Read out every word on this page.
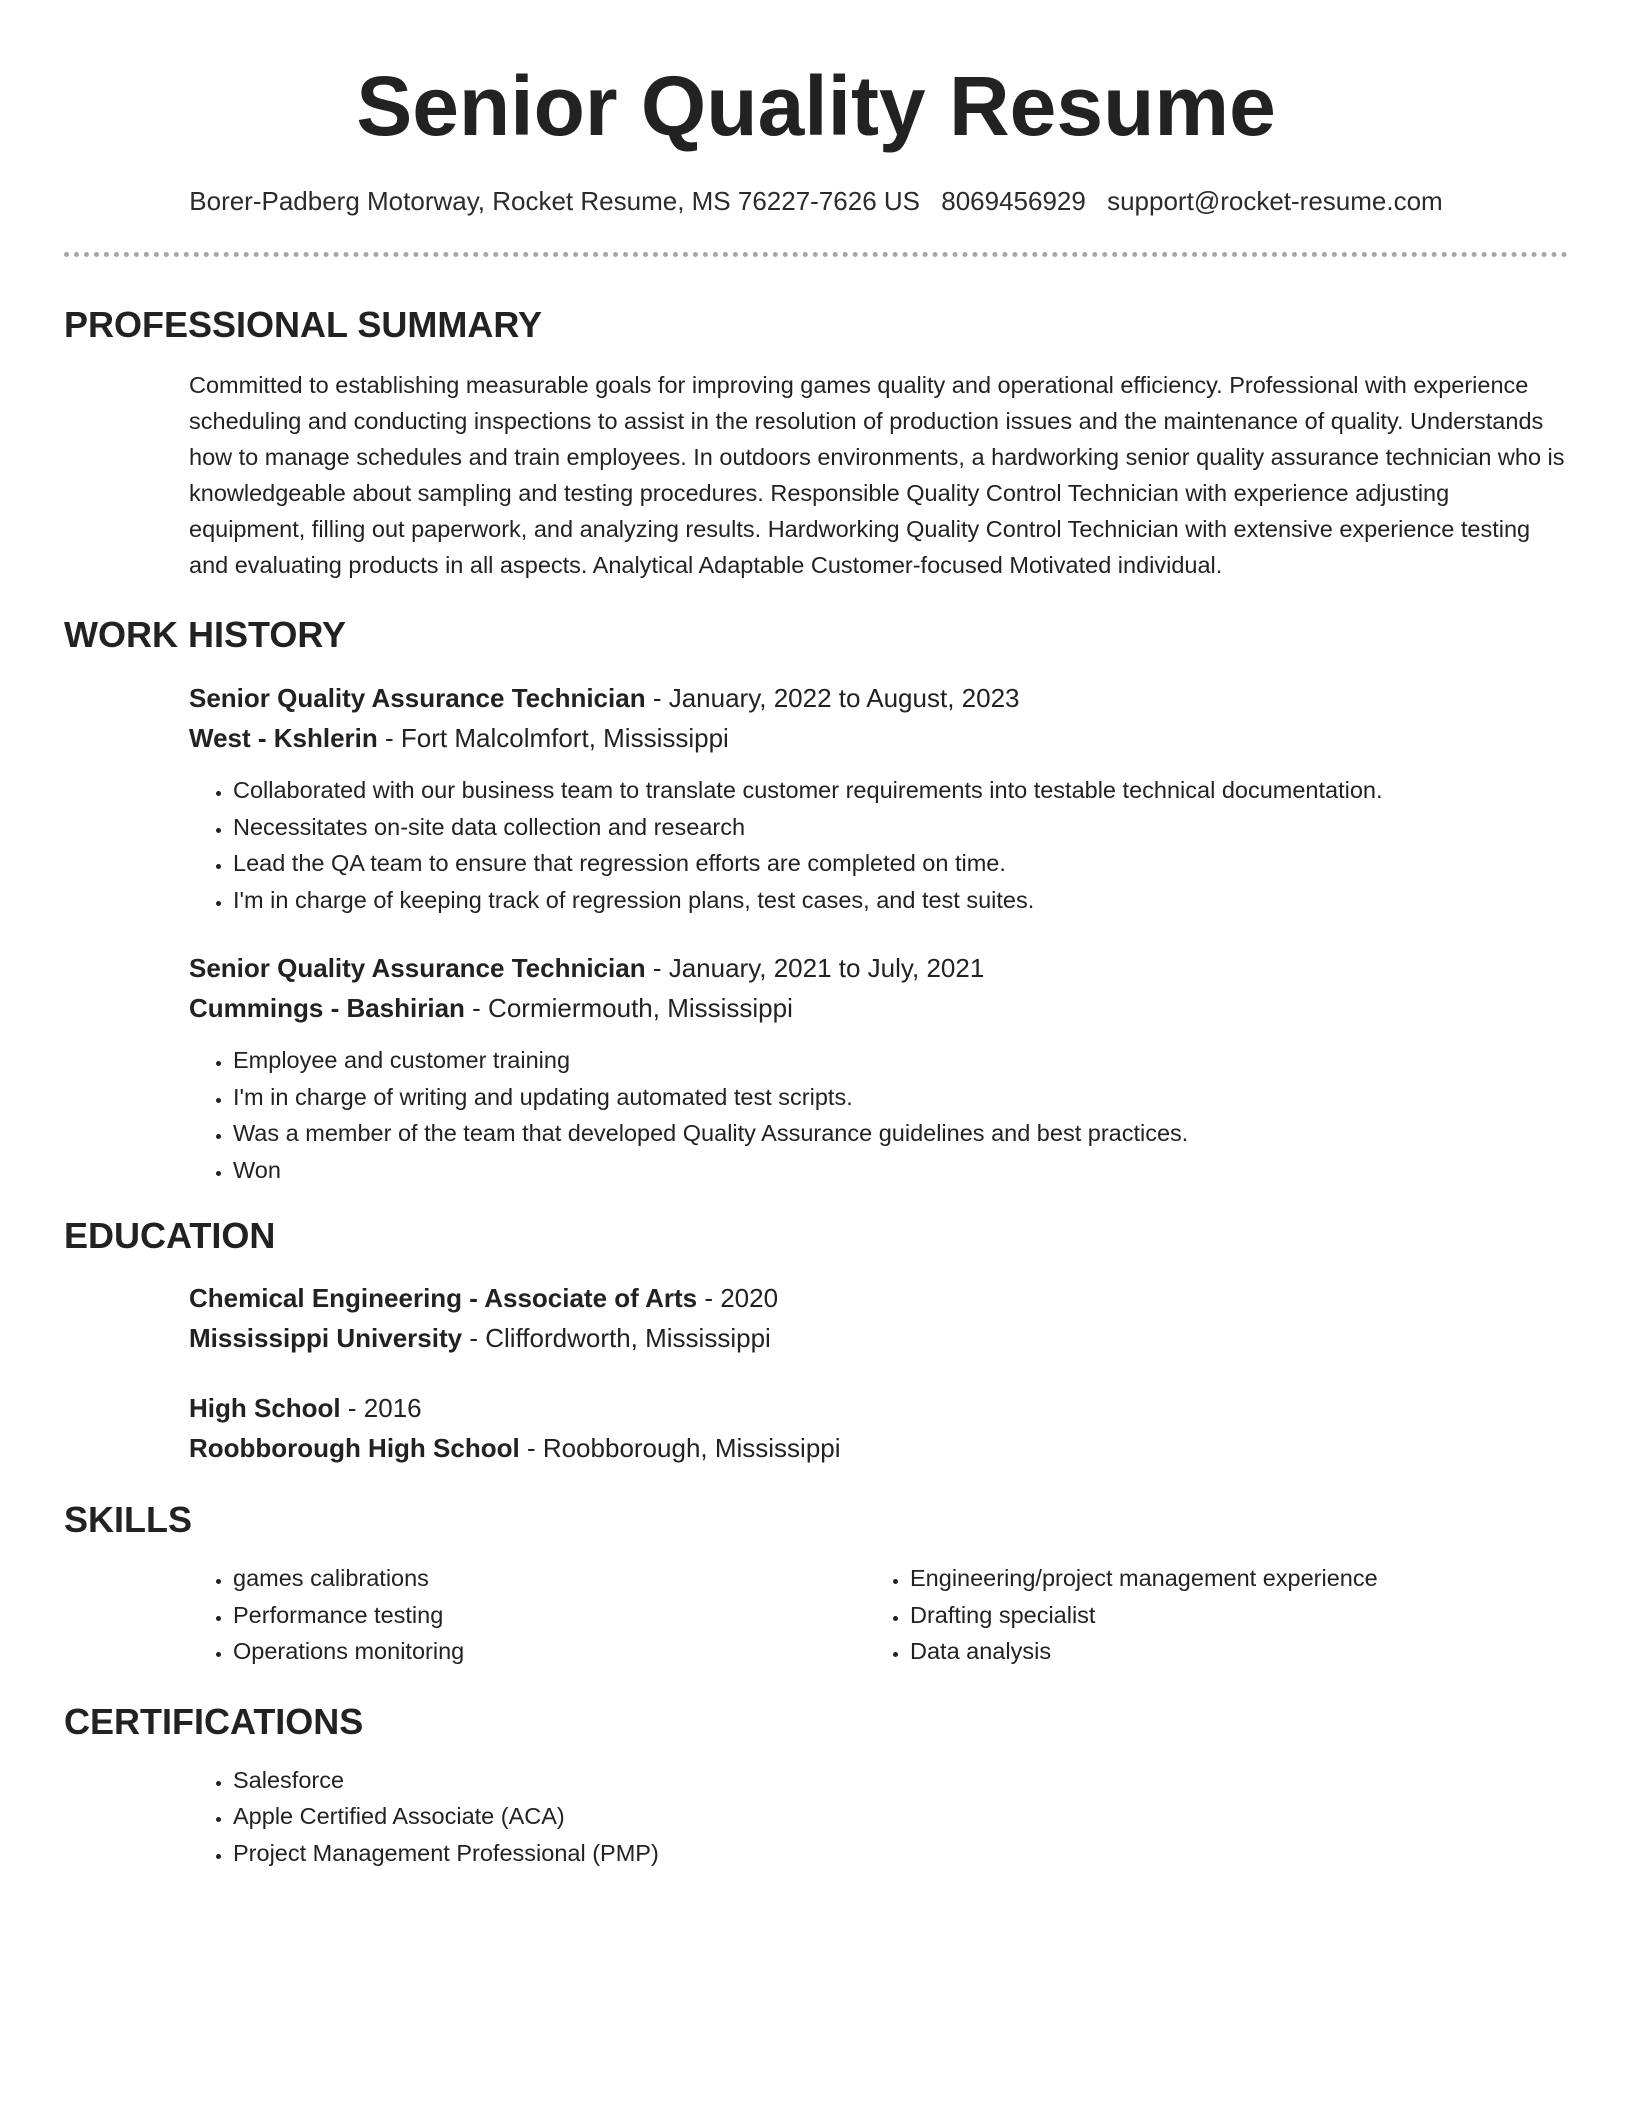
Senior Quality Resume
Borer-Padberg Motorway, Rocket Resume, MS 76227-7626 US 8069456929 support@rocket-resume.com
PROFESSIONAL SUMMARY

Committed to establishing measurable goals for improving games quality and operational efficiency. Professional with experience scheduling and conducting inspections to assist in the resolution of production issues and the maintenance of quality. Understands how to manage schedules and train employees. In outdoors environments, a hardworking senior quality assurance technician who is knowledgeable about sampling and testing procedures. Responsible Quality Control Technician with experience adjusting equipment, filling out paperwork, and analyzing results. Hardworking Quality Control Technician with extensive experience testing and evaluating products in all aspects. Analytical Adaptable Customer-focused Motivated individual.

WORK HISTORY
Senior Quality Assurance Technician - January, 2022 to August, 2023
West - Kshlerin - Fort Malcolmfort, Mississippi
• Collaborated with our business team to translate customer requirements into testable technical documentation.
• Necessitates on-site data collection and research
• Lead the QA team to ensure that regression efforts are completed on time.
• I'm in charge of keeping track of regression plans, test cases, and test suites.
Senior Quality Assurance Technician - January, 2021 to July, 2021
Cummings - Bashirian - Cormiermouth, Mississippi
• Employee and customer training
• I'm in charge of writing and updating automated test scripts.
• Was a member of the team that developed Quality Assurance guidelines and best practices.
• Won
EDUCATION
Chemical Engineering - Associate of Arts - 2020
Mississippi University - Cliffordworth, Mississippi
High School - 2016
Roobborough High School - Roobborough, Mississippi
SKILLS
• games calibrations
• Performance testing
• Operations monitoring
• Engineering/project management experience
• Drafting specialist
• Data analysis
CERTIFICATIONS
• Salesforce
• Apple Certified Associate (ACA)
• Project Management Professional (PMP)
